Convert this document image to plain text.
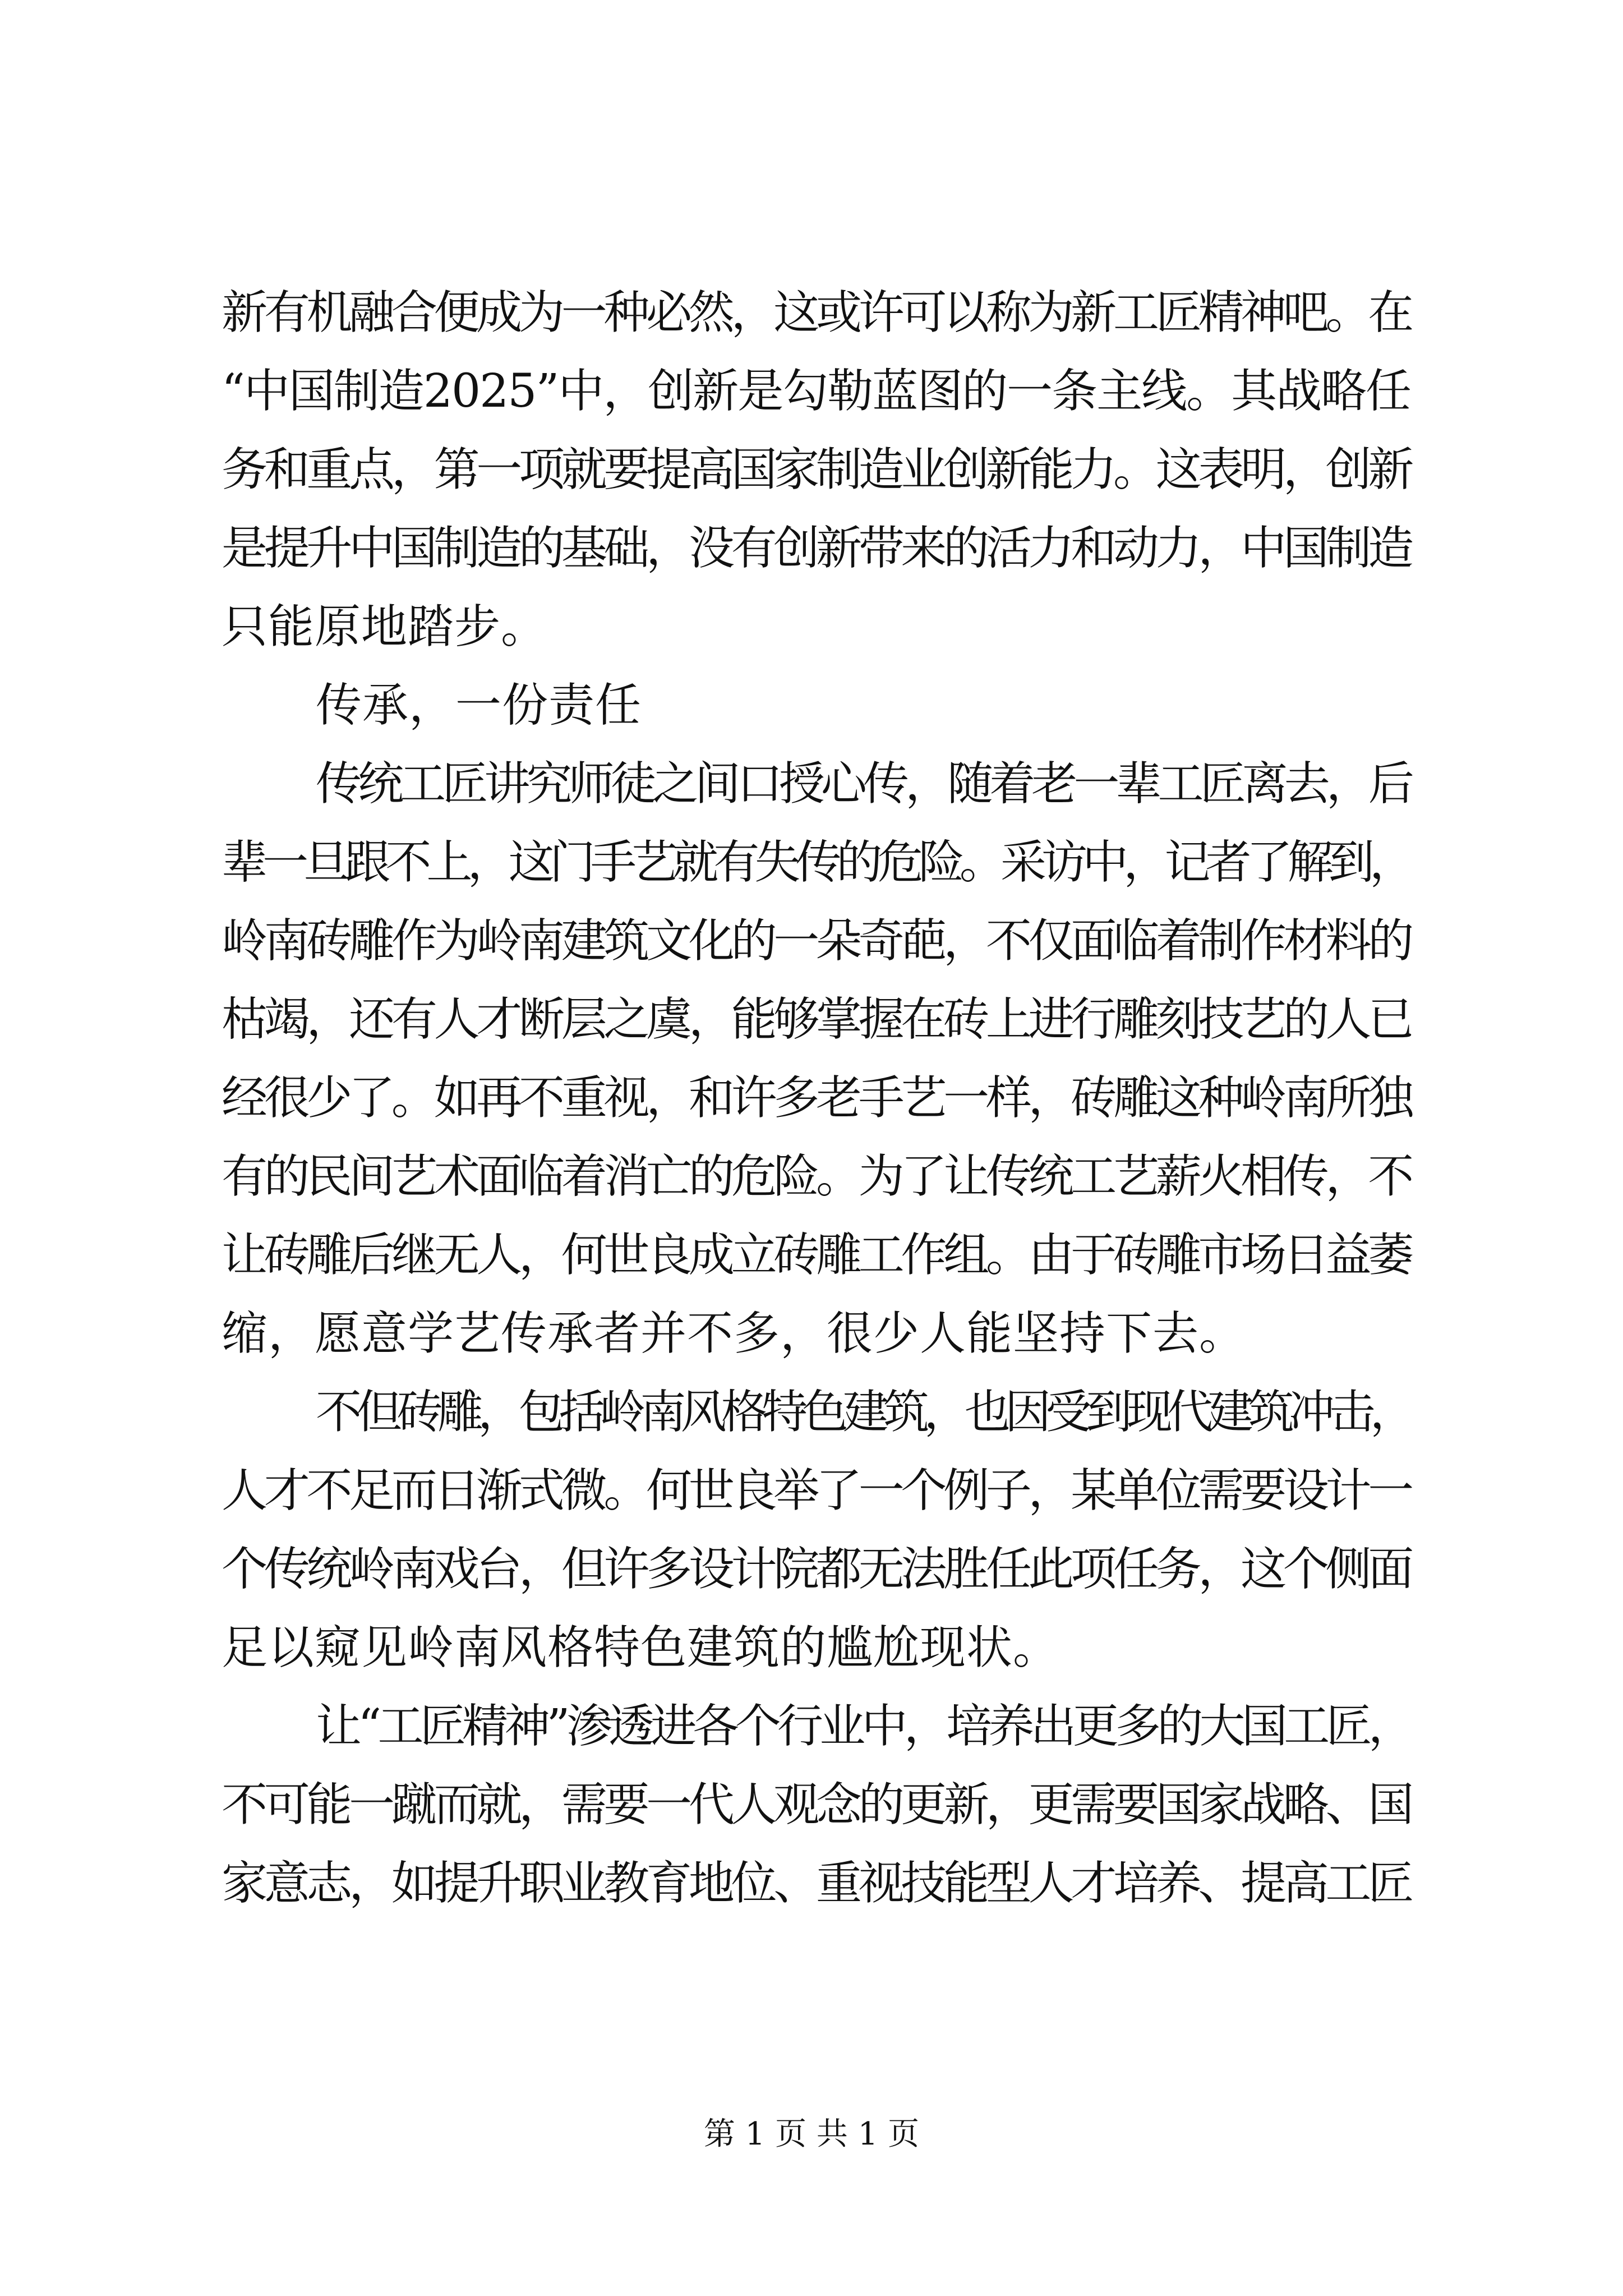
新有机融合便成为一种必然，这或许可以称为新工匠精神吧。在
“中国制造2025”中，创新是勾勒蓝图的一条主线。其战略任
务和重点，第一项就要提高国家制造业创新能力。这表明，创新
是提升中国制造的基础，没有创新带来的活力和动力，中国制造
只能原地踏步。
传承，一份责任
传统工匠讲究师徒之间口授心传，随着老一辈工匠离去，后
辈一旦跟不上，这门手艺就有失传的危险。采访中，记者了解到，
岭南砖雕作为岭南建筑文化的一朵奇葩，不仅面临着制作材料的
枯竭，还有人才断层之虞，能够掌握在砖上进行雕刻技艺的人已
经很少了。如再不重视，和许多老手艺一样，砖雕这种岭南所独
有的民间艺术面临着消亡的危险。为了让传统工艺薪火相传，不
让砖雕后继无人，何世良成立砖雕工作组。由于砖雕市场日益萎
缩，愿意学艺传承者并不多，很少人能坚持下去。
不但砖雕，包括岭南风格特色建筑，也因受到现代建筑冲击，
人才不足而日渐式微。何世良举了一个例子，某单位需要设计一
个传统岭南戏台，但许多设计院都无法胜任此项任务，这个侧面
足以窥见岭南风格特色建筑的尴尬现状。
让“工匠精神”渗透进各个行业中，培养出更多的大国工匠，
不可能一蹴而就，需要一代人观念的更新，更需要国家战略、国
家意志，如提升职业教育地位、重视技能型人才培养、提高工匠
第 1 页 共 1 页
